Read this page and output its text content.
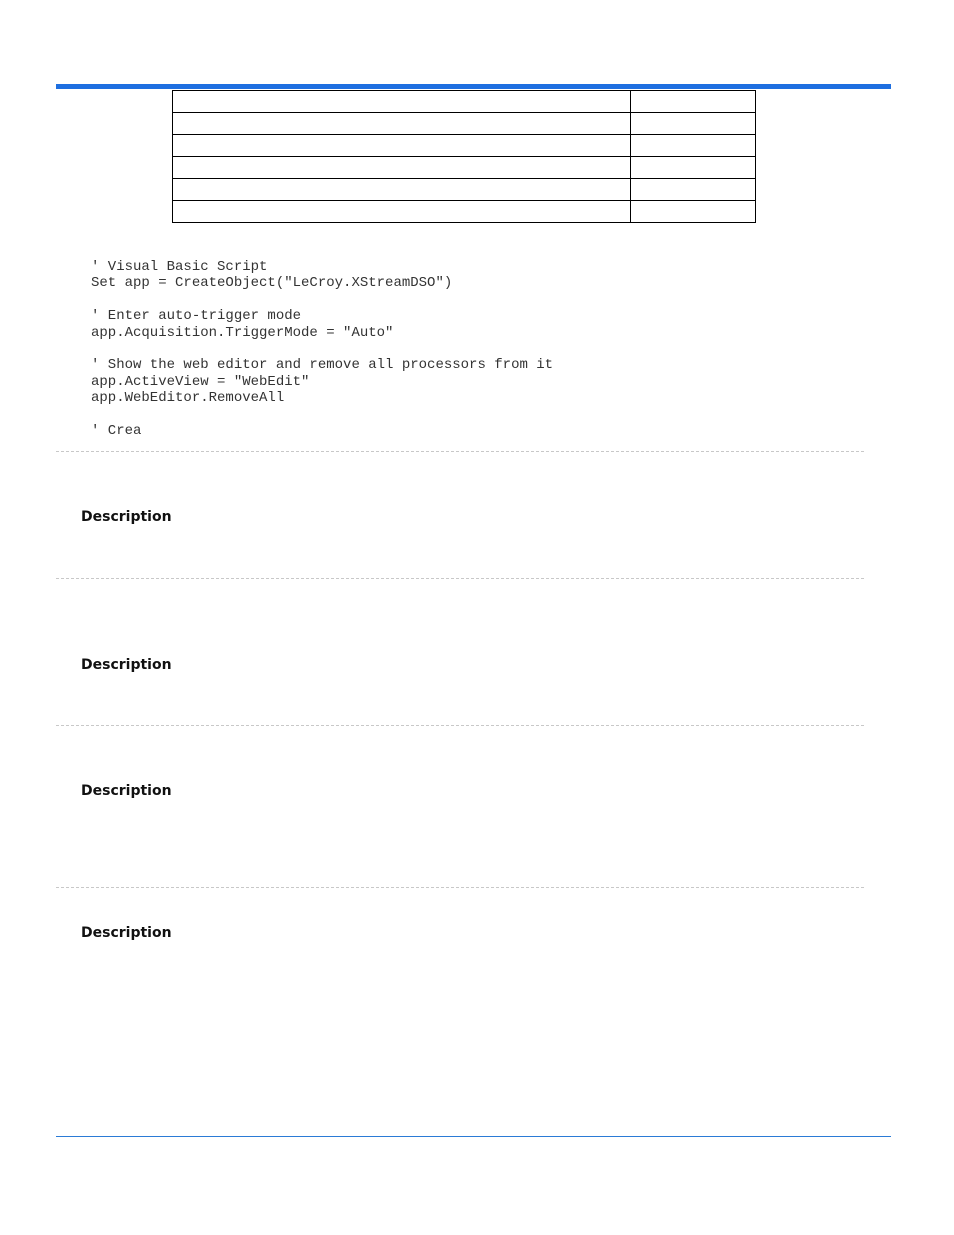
' Visual Basic Script
Set app = CreateObject("LeCroy.XStreamDSO")

' Enter auto-trigger mode
app.Acquisition.TriggerMode = "Auto"

' Show the web editor and remove all processors from it
app.ActiveView = "WebEdit"
app.WebEditor.RemoveAll

' Crea
Description
Description
Description
Description
